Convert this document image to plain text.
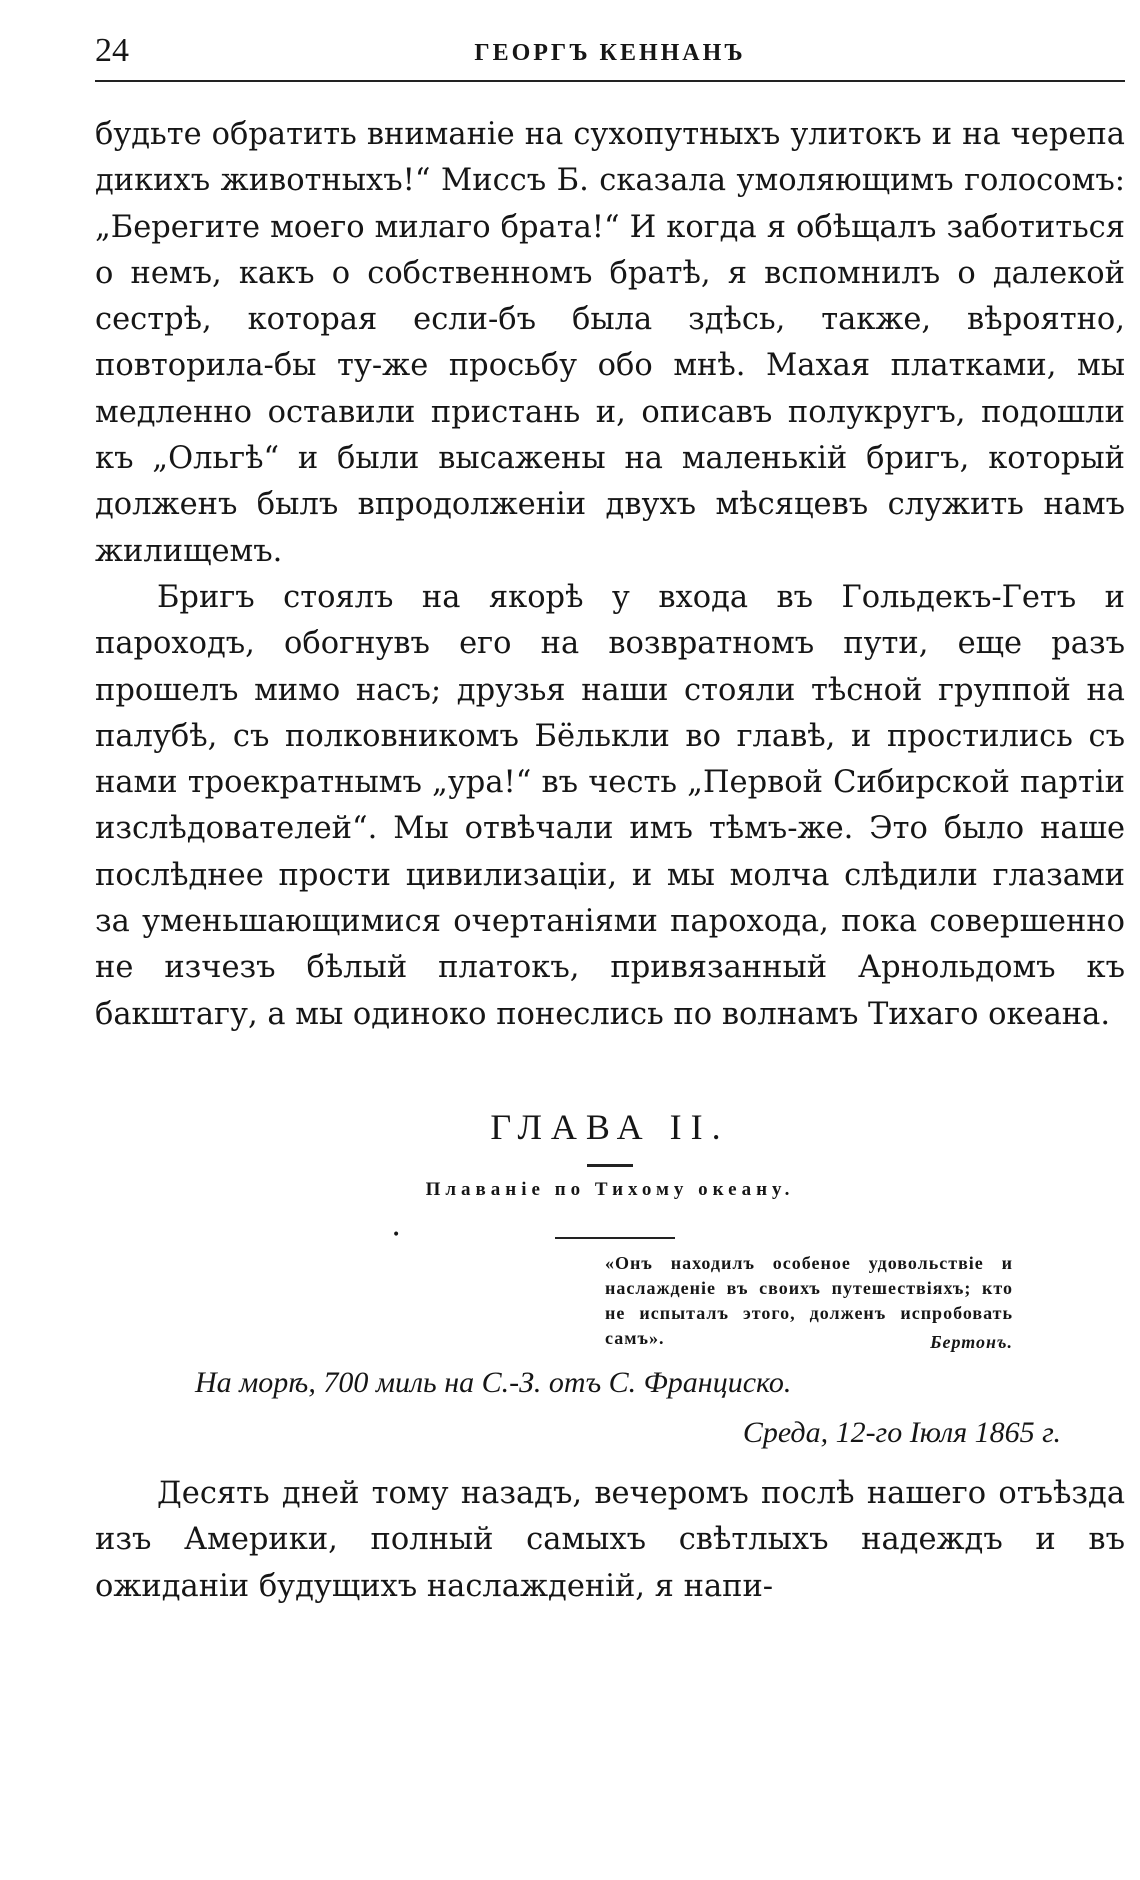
24	ГЕОРГЪ КЕННАНЪ

будьте обратить вниманіе на сухопутныхъ улитокъ и на черепа дикихъ животныхъ!“ Миссъ Б. сказала умоляющимъ голосомъ: „Берегите моего милаго брата!“ И когда я обѣщалъ заботиться о немъ, какъ о собственномъ братѣ, я вспомнилъ о далекой сестрѣ, которая если-бъ была здѣсь, также, вѣроятно, повторила-бы ту-же просьбу обо мнѣ. Махая платками, мы медленно оставили пристань и, описавъ полукругъ, подошли къ „Ольгѣ“ и были высажены на маленькій бригъ, который долженъ былъ впродолженіи двухъ мѣсяцевъ служить намъ жилищемъ.

Бригъ стоялъ на якорѣ у входа въ Гольдекъ-Гетъ и пароходъ, обогнувъ его на возвратномъ пути, еще разъ прошелъ мимо насъ; друзья наши стояли тѣсной группой на палубѣ, съ полковникомъ Бёлькли во главѣ, и простились съ нами троекратнымъ „ура!“ въ честь „Первой Сибирской партіи изслѣдователей“. Мы отвѣчали имъ тѣмъ-же. Это было наше послѣднее прости цивилизаціи, и мы молча слѣдили глазами за уменьшающимися очертаніями парохода, пока совершенно не изчезъ бѣлый платокъ, привязанный Арнольдомъ къ бакштагу, а мы одиноко понеслись по волнамъ Тихаго океана.

ГЛАВА II.
Плаваніе по Тихому океану.
•
«Онъ находилъ особеное удовольствіе и наслажденіе въ своихъ путешествіяхъ; кто не испыталъ этого, долженъ испробовать самъ».	Бертонъ.
На морѣ, 700 миль на С.-З. отъ С. Франциско.
Среда, 12-го Іюля 1865 г.

Десять дней тому назадъ, вечеромъ послѣ нашего отъѣзда изъ Америки, полный самыхъ свѣтлыхъ надеждъ и въ ожиданіи будущихъ наслажденій, я напи-
